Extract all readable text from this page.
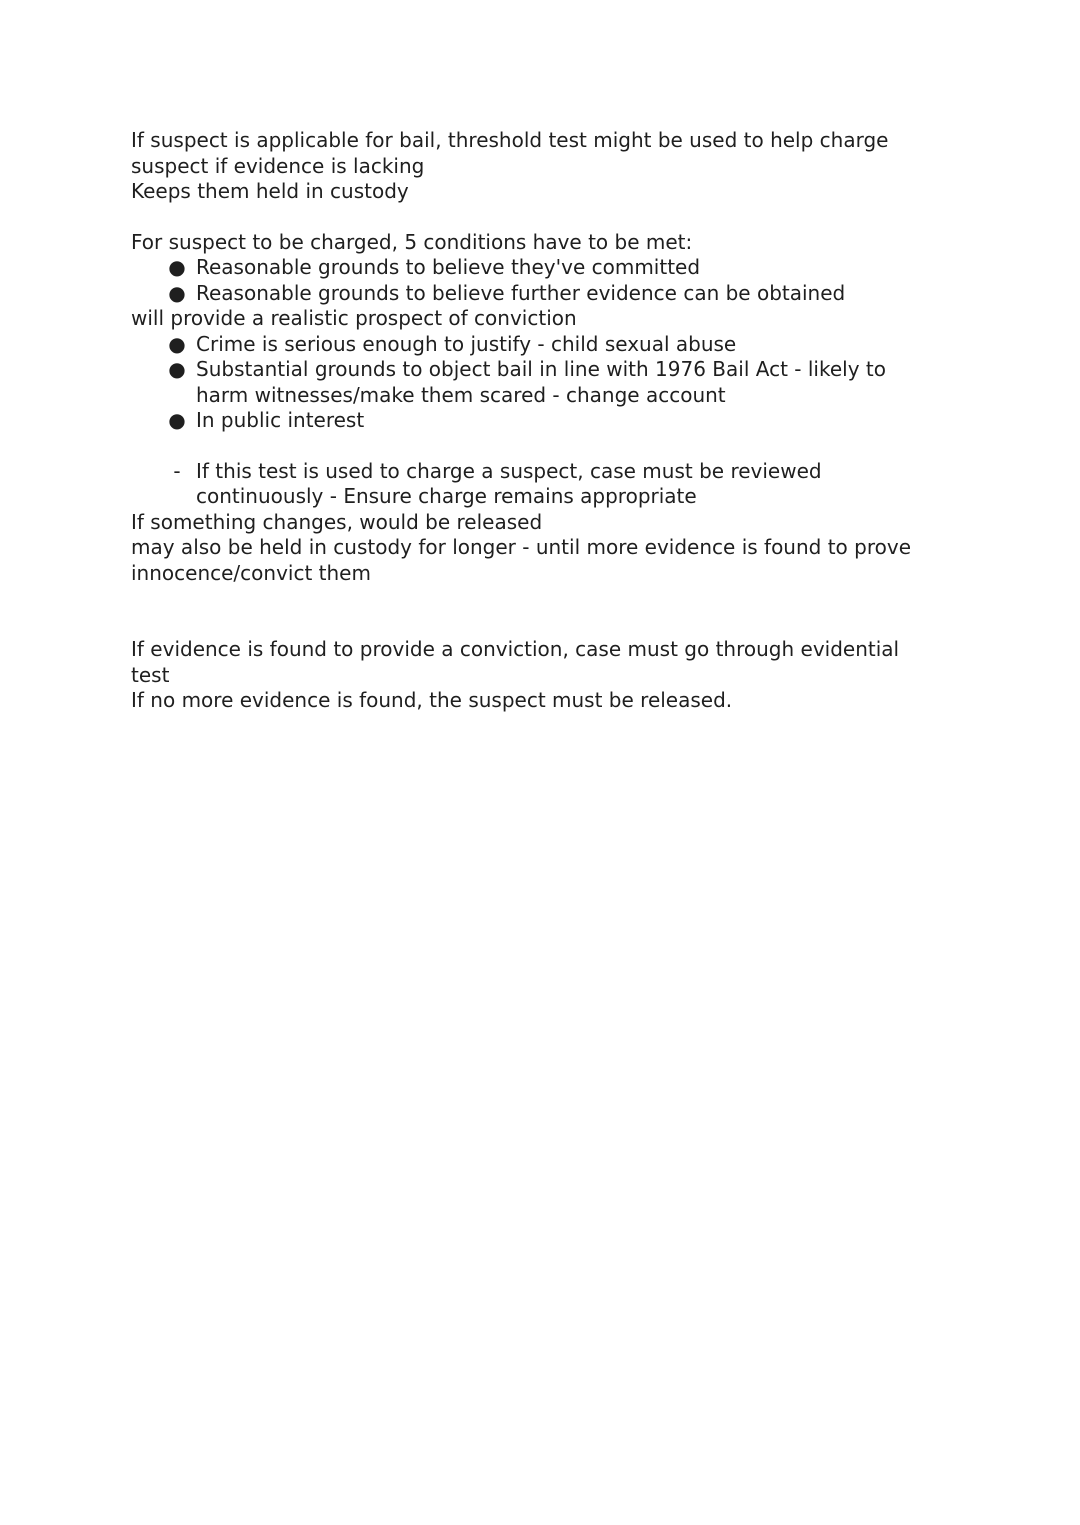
If suspect is applicable for bail, threshold test might be used to help charge
suspect if evidence is lacking
Keeps them held in custody
For suspect to be charged, 5 conditions have to be met:
● Reasonable grounds to believe they've committed
● Reasonable grounds to believe further evidence can be obtained
will provide a realistic prospect of conviction
● Crime is serious enough to justify - child sexual abuse
● Substantial grounds to object bail in line with 1976 Bail Act - likely to
harm witnesses/make them scared - change account
● In public interest
- If this test is used to charge a suspect, case must be reviewed
continuously - Ensure charge remains appropriate
If something changes, would be released
may also be held in custody for longer - until more evidence is found to prove
innocence/convict them
If evidence is found to provide a conviction, case must go through evidential
test
If no more evidence is found, the suspect must be released.
